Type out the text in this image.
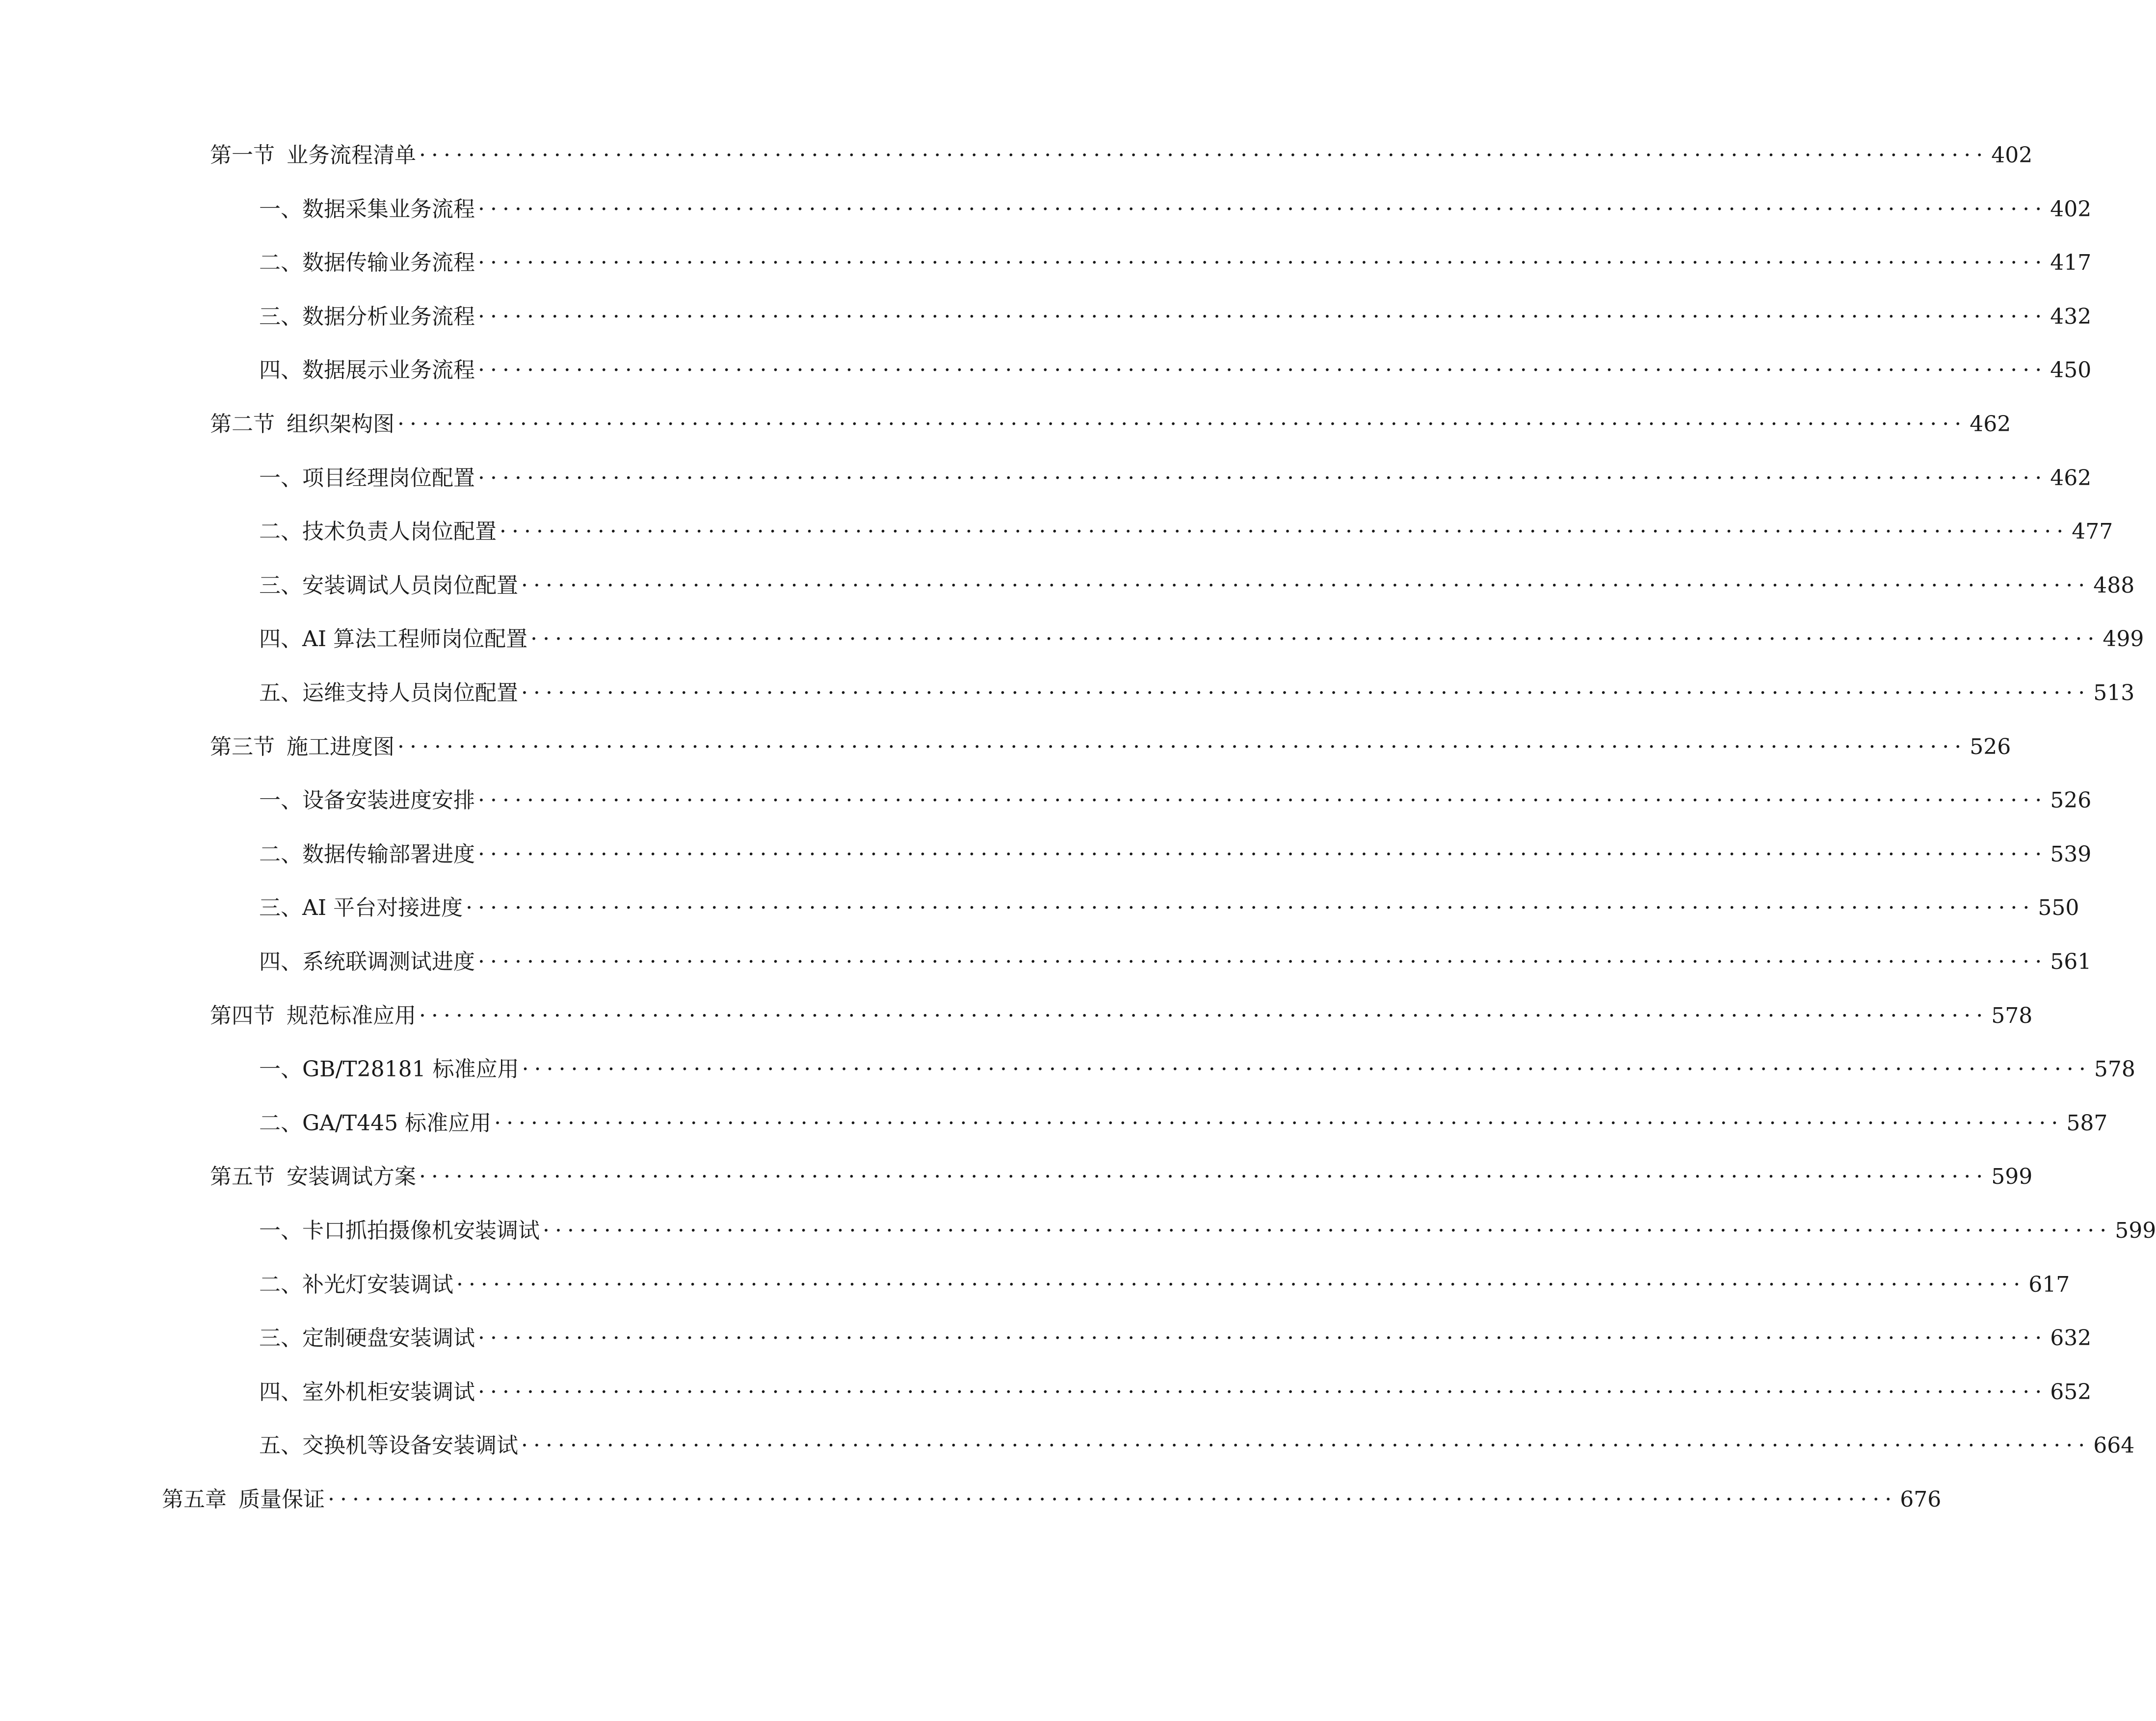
第一节 业务流程清单 ································································································································ 402
一、 数据采集业务流程 ································································································································ 402
二、 数据传输业务流程 ································································································································ 417
三、 数据分析业务流程 ································································································································ 432
四、 数据展示业务流程 ································································································································ 450
第二节 组织架构图 ································································································································ 462
一、 项目经理岗位配置 ································································································································ 462
二、 技术负责人岗位配置 ································································································································ 477
三、 安装调试人员岗位配置 ································································································································ 488
四、 AI 算法工程师岗位配置 ································································································································ 499
五、 运维支持人员岗位配置 ································································································································ 513
第三节 施工进度图 ································································································································ 526
一、 设备安装进度安排 ································································································································ 526
二、 数据传输部署进度 ································································································································ 539
三、 AI 平台对接进度 ································································································································ 550
四、 系统联调测试进度 ································································································································ 561
第四节 规范标准应用 ································································································································ 578
一、 GB/T28181 标准应用 ································································································································ 578
二、 GA/T445 标准应用 ································································································································ 587
第五节 安装调试方案 ································································································································ 599
一、 卡口抓拍摄像机安装调试 ································································································································ 599
二、 补光灯安装调试 ································································································································ 617
三、 定制硬盘安装调试 ································································································································ 632
四、 室外机柜安装调试 ································································································································ 652
五、 交换机等设备安装调试 ································································································································ 664
第五章 质量保证 ································································································································ 676
